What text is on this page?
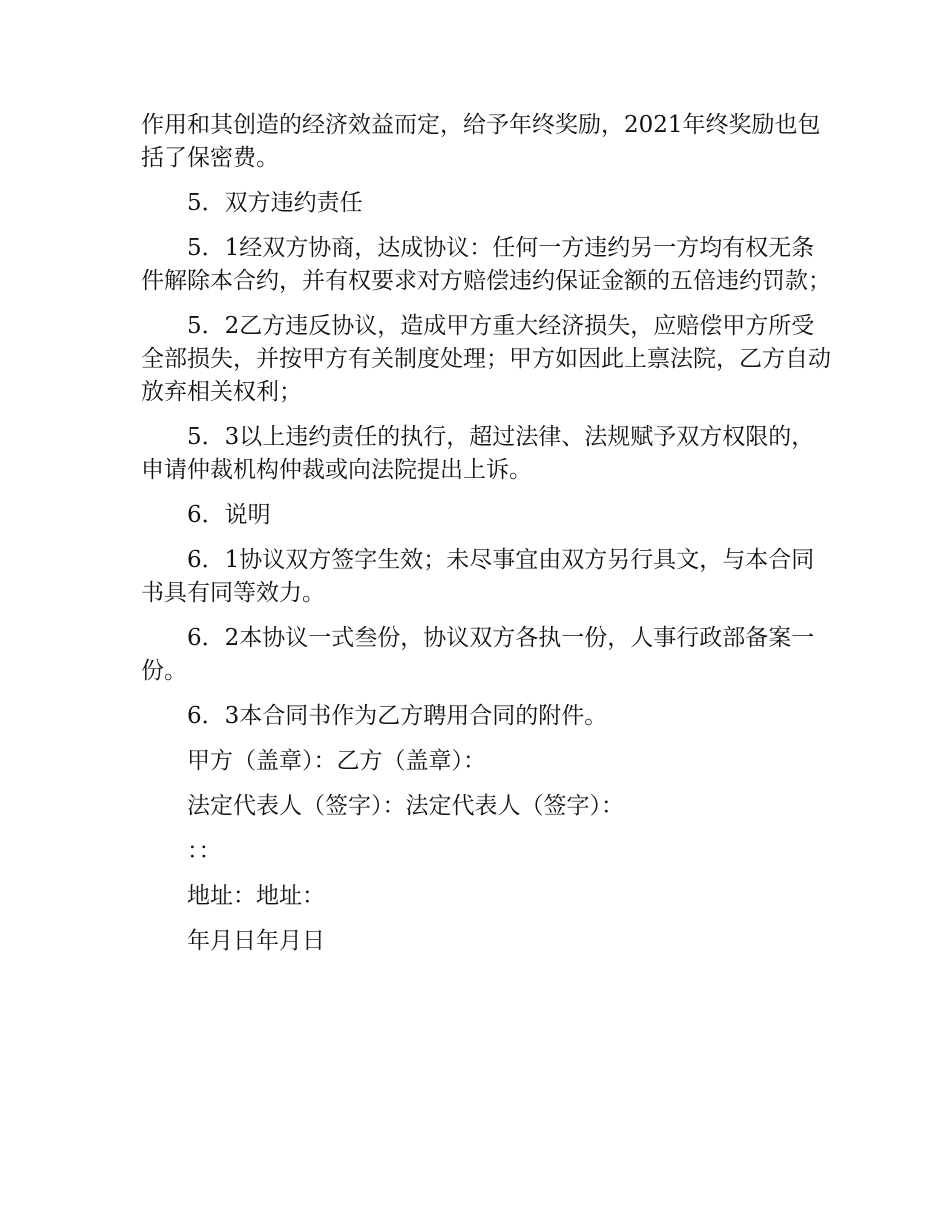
作用和其创造的经济效益而定，给予年终奖励，2021年终奖励也包括了保密费。

5．双方违约责任

5．1经双方协商，达成协议：任何一方违约另一方均有权无条件解除本合约，并有权要求对方赔偿违约保证金额的五倍违约罚款；

5．2乙方违反协议，造成甲方重大经济损失，应赔偿甲方所受全部损失，并按甲方有关制度处理；甲方如因此上禀法院，乙方自动放弃相关权利；

5．3以上违约责任的执行，超过法律、法规赋予双方权限的，申请仲裁机构仲裁或向法院提出上诉。

6．说明

6．1协议双方签字生效；未尽事宜由双方另行具文，与本合同书具有同等效力。

6．2本协议一式叁份，协议双方各执一份，人事行政部备案一份。

6．3本合同书作为乙方聘用合同的附件。

甲方（盖章）：乙方（盖章）：

法定代表人（签字）：法定代表人（签字）：

：：

地址：地址：

年月日年月日
